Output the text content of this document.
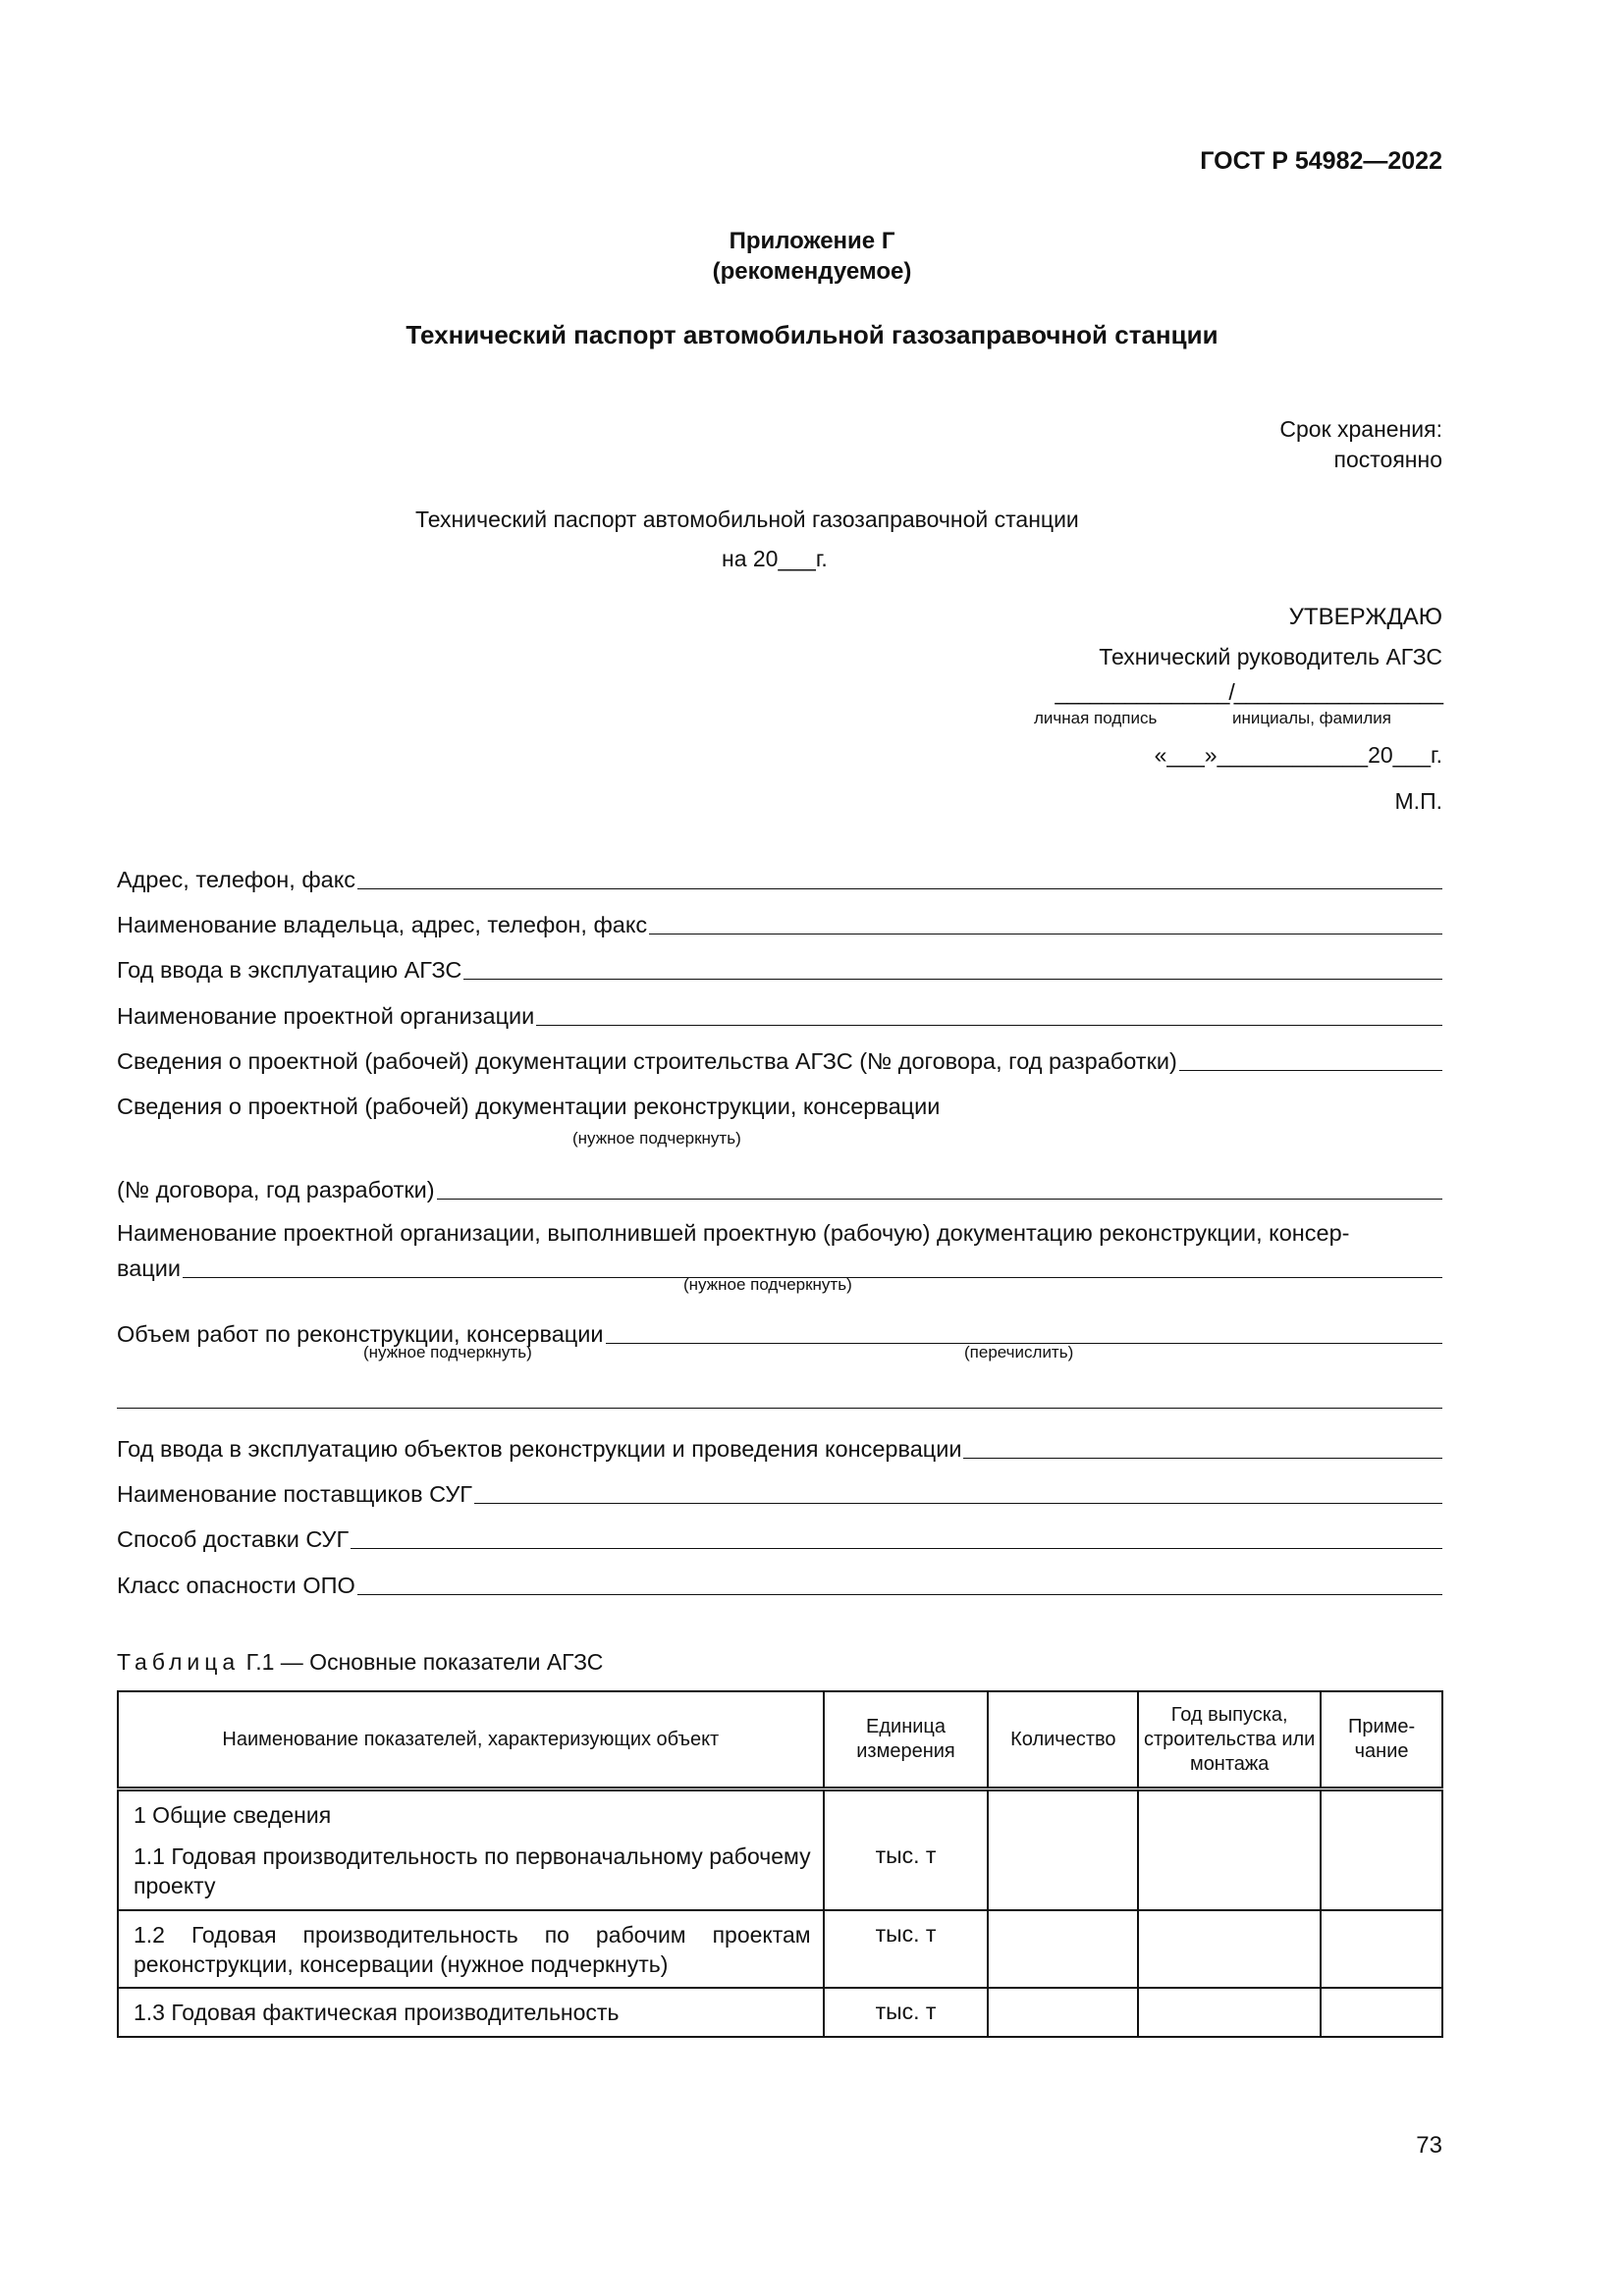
ГОСТ Р 54982—2022
Приложение Г
(рекомендуемое)
Технический паспорт автомобильной газозаправочной станции
Срок хранения:
постоянно
Технический паспорт автомобильной газозаправочной станции
на 20___г.
УТВЕРЖДАЮ
Технический руководитель АГЗС
_______________/__________________
личная подпись	инициалы, фамилия
«___»____________20___г.
М.П.
Адрес, телефон, факс
Наименование владельца, адрес, телефон, факс
Год ввода в эксплуатацию АГЗС
Наименование проектной организации
Сведения о проектной (рабочей) документации строительства АГЗС (№ договора, год разработки)
Сведения о проектной (рабочей) документации реконструкции, консервации
(нужное подчеркнуть)
(№ договора, год разработки)
Наименование проектной организации, выполнившей проектную (рабочую) документацию реконструкции, консер-
вации
(нужное подчеркнуть)
Объем работ по реконструкции, консервации
(нужное подчеркнуть)	(перечислить)
Год ввода в эксплуатацию объектов реконструкции и проведения консервации
Наименование поставщиков СУГ
Способ доставки СУГ
Класс опасности ОПО
Таблица Г.1 — Основные показатели АГЗС
Наименование показателей, характеризующих объект	Единица измерения	Количество	Год выпуска, строительства или монтажа	Приме-чание

1 Общие сведения
1.1 Годовая производительность по первоначальному рабочему проекту	тыс. т			

1.2 Годовая производительность по рабочим проектам реконструкции, консервации (нужное подчеркнуть)	тыс. т			

1.3 Годовая фактическая производительность	тыс. т			
73
